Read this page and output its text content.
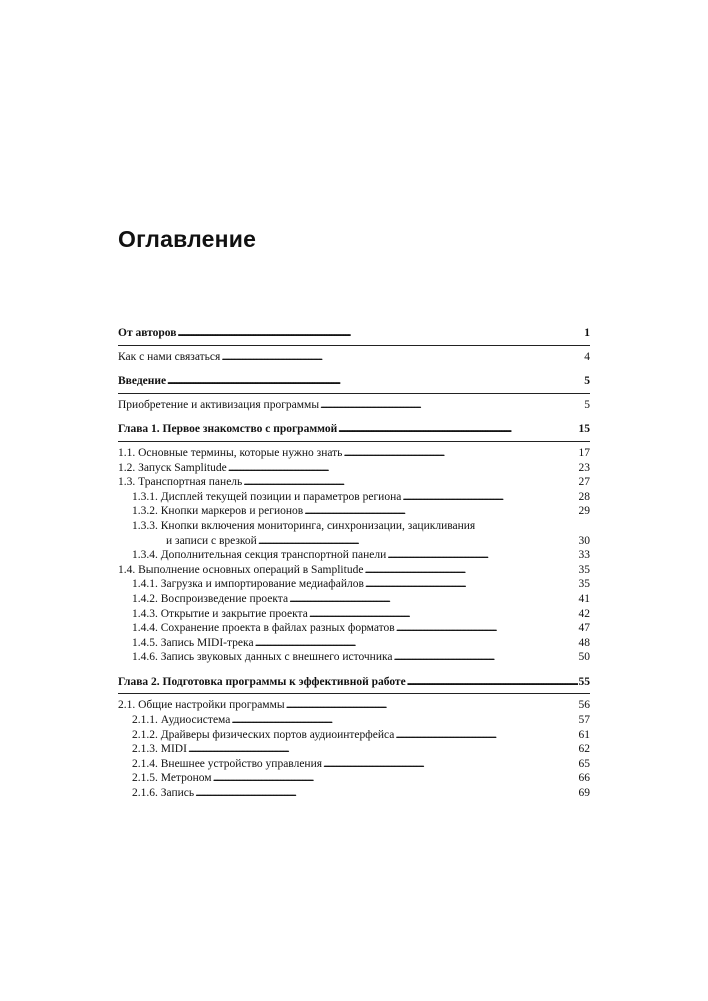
Оглавление
От авторов . . .	1
Как с нами связаться . . .	4
Введение . . .	5
Приобретение и активизация программы . . .	5
Глава 1. Первое знакомство с программой . . .	15
1.1. Основные термины, которые нужно знать . . .	17
1.2. Запуск Samplitude . . .	23
1.3. Транспортная панель . . .	27
1.3.1. Дисплей текущей позиции и параметров региона . . .	28
1.3.2. Кнопки маркеров и регионов . . .	29
1.3.3. Кнопки включения мониторинга, синхронизации, зацикливания
и записи с врезкой . . .	30
1.3.4. Дополнительная секция транспортной панели . . .	33
1.4. Выполнение основных операций в Samplitude . . .	35
1.4.1. Загрузка и импортирование медиафайлов . . .	35
1.4.2. Воспроизведение проекта . . .	41
1.4.3. Открытие и закрытие проекта . . .	42
1.4.4. Сохранение проекта в файлах разных форматов . . .	47
1.4.5. Запись MIDI-трека . . .	48
1.4.6. Запись звуковых данных с внешнего источника . . .	50
Глава 2. Подготовка программы к эффективной работе . . .	55
2.1. Общие настройки программы . . .	56
2.1.1. Аудиосистема . . .	57
2.1.2. Драйверы физических портов аудиоинтерфейса . . .	61
2.1.3. MIDI . . .	62
2.1.4. Внешнее устройство управления . . .	65
2.1.5. Метроном . . .	66
2.1.6. Запись . . .	69
